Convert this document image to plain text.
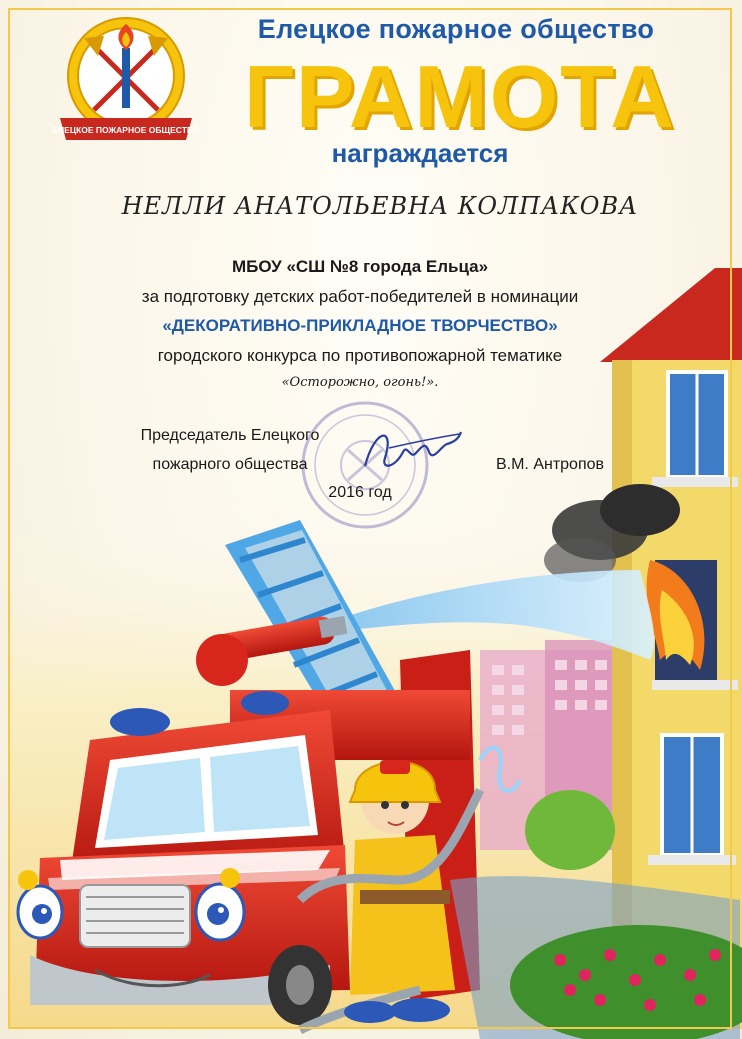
ЕЛЕЦКОЕ ПОЖАРНОЕ ОБЩЕСТВО
Елецкое пожарное общество
ГРАМОТА
награждается
НЕЛЛИ АНАТОЛЬЕВНА КОЛПАКОВА
МБОУ «СШ №8 города Ельца»
за подготовку детских работ-победителей в номинации
«ДЕКОРАТИВНО-ПРИКЛАДНОЕ ТВОРЧЕСТВО»
городского конкурса по противопожарной тематике
«Осторожно, огонь!».
Председатель Елецкого
пожарного общества	В.М. Антропов
2016 год
